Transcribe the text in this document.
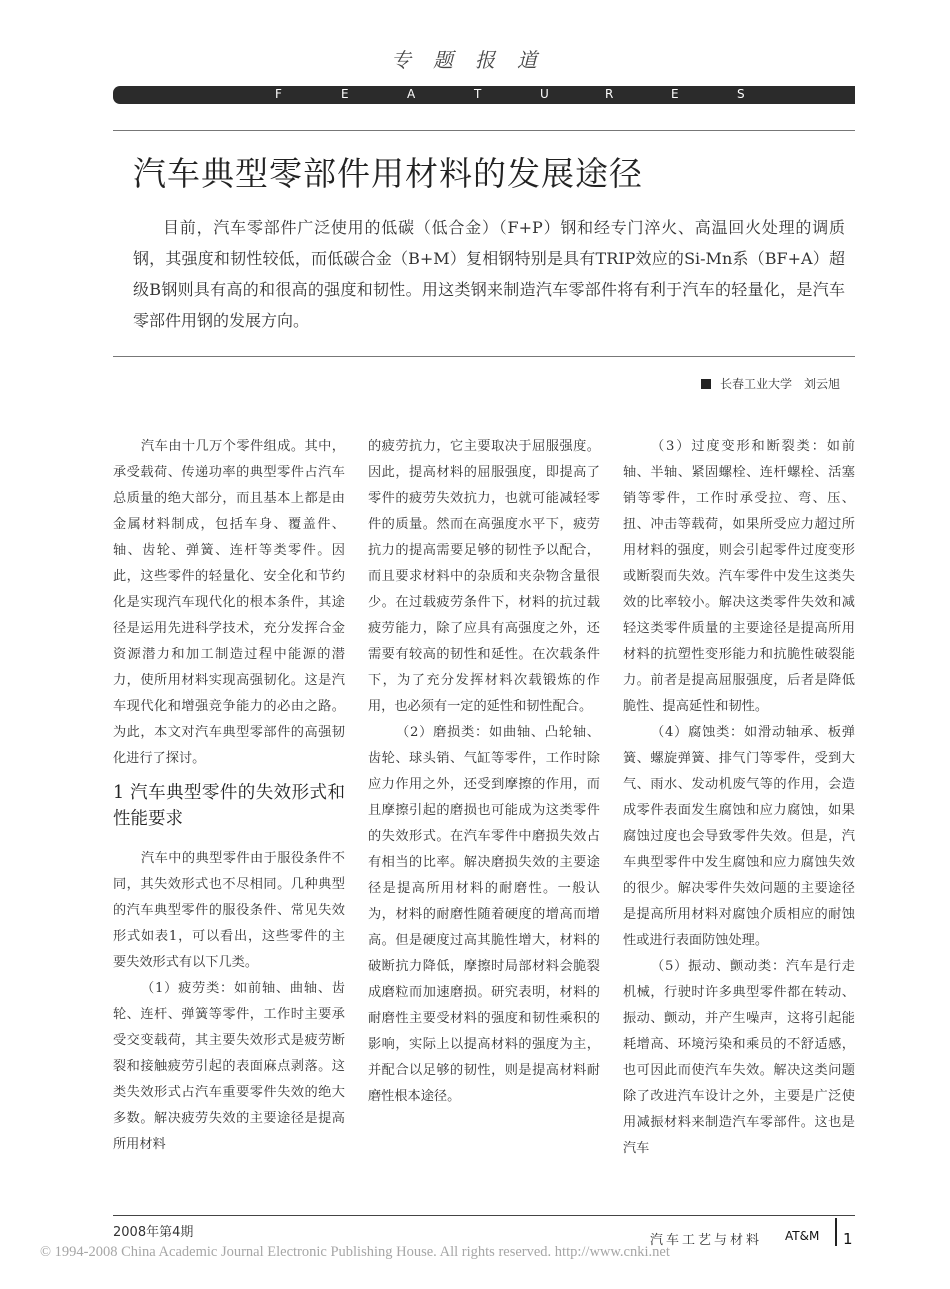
专题报道
F	E	A	T	U	R	E	S
汽车典型零部件用材料的发展途径
目前，汽车零部件广泛使用的低碳（低合金）（F+P）钢和经专门淬火、高温回火处理的调质钢，其强度和韧性较低，而低碳合金（B+M）复相钢特别是具有TRIP效应的Si-Mn系（BF+A）超级B钢则具有高的和很高的强度和韧性。用这类钢来制造汽车零部件将有利于汽车的轻量化，是汽车零部件用钢的发展方向。
长春工业大学　刘云旭

汽车由十几万个零件组成。其中，承受载荷、传递功率的典型零件占汽车总质量的绝大部分，而且基本上都是由金属材料制成，包括车身、覆盖件、轴、齿轮、弹簧、连杆等类零件。因此，这些零件的轻量化、安全化和节约化是实现汽车现代化的根本条件，其途径是运用先进科学技术，充分发挥合金资源潜力和加工制造过程中能源的潜力，使所用材料实现高强韧化。这是汽车现代化和增强竞争能力的必由之路。为此，本文对汽车典型零部件的高强韧化进行了探讨。

1 汽车典型零件的失效形式和性能要求

汽车中的典型零件由于服役条件不同，其失效形式也不尽相同。几种典型的汽车典型零件的服役条件、常见失效形式如表1，可以看出，这些零件的主要失效形式有以下几类。

（1）疲劳类：如前轴、曲轴、齿轮、连杆、弹簧等零件，工作时主要承受交变载荷，其主要失效形式是疲劳断裂和接触疲劳引起的表面麻点剥落。这类失效形式占汽车重要零件失效的绝大多数。解决疲劳失效的主要途径是提高所用材料

的疲劳抗力，它主要取决于屈服强度。因此，提高材料的屈服强度，即提高了零件的疲劳失效抗力，也就可能减轻零件的质量。然而在高强度水平下，疲劳抗力的提高需要足够的韧性予以配合，而且要求材料中的杂质和夹杂物含量很少。在过载疲劳条件下，材料的抗过载疲劳能力，除了应具有高强度之外，还需要有较高的韧性和延性。在次载条件下，为了充分发挥材料次载锻炼的作用，也必须有一定的延性和韧性配合。

（2）磨损类：如曲轴、凸轮轴、齿轮、球头销、气缸等零件，工作时除应力作用之外，还受到摩擦的作用，而且摩擦引起的磨损也可能成为这类零件的失效形式。在汽车零件中磨损失效占有相当的比率。解决磨损失效的主要途径是提高所用材料的耐磨性。一般认为，材料的耐磨性随着硬度的增高而增高。但是硬度过高其脆性增大，材料的破断抗力降低，摩擦时局部材料会脆裂成磨粒而加速磨损。研究表明，材料的耐磨性主要受材料的强度和韧性乘积的影响，实际上以提高材料的强度为主，并配合以足够的韧性，则是提高材料耐磨性根本途径。

（3）过度变形和断裂类：如前轴、半轴、紧固螺栓、连杆螺栓、活塞销等零件，工作时承受拉、弯、压、扭、冲击等载荷，如果所受应力超过所用材料的强度，则会引起零件过度变形或断裂而失效。汽车零件中发生这类失效的比率较小。解决这类零件失效和减轻这类零件质量的主要途径是提高所用材料的抗塑性变形能力和抗脆性破裂能力。前者是提高屈服强度，后者是降低脆性、提高延性和韧性。

（4）腐蚀类：如滑动轴承、板弹簧、螺旋弹簧、排气门等零件，受到大气、雨水、发动机废气等的作用，会造成零件表面发生腐蚀和应力腐蚀，如果腐蚀过度也会导致零件失效。但是，汽车典型零件中发生腐蚀和应力腐蚀失效的很少。解决零件失效问题的主要途径是提高所用材料对腐蚀介质相应的耐蚀性或进行表面防蚀处理。

（5）振动、颤动类：汽车是行走机械，行驶时许多典型零件都在转动、振动、颤动，并产生噪声，这将引起能耗增高、环境污染和乘员的不舒适感，也可因此而使汽车失效。解决这类问题除了改进汽车设计之外，主要是广泛使用减振材料来制造汽车零部件。这也是汽车

2008年第4期
汽车工艺与材料 AT&M 1
© 1994-2008 China Academic Journal Electronic Publishing House. All rights reserved. http://www.cnki.net
